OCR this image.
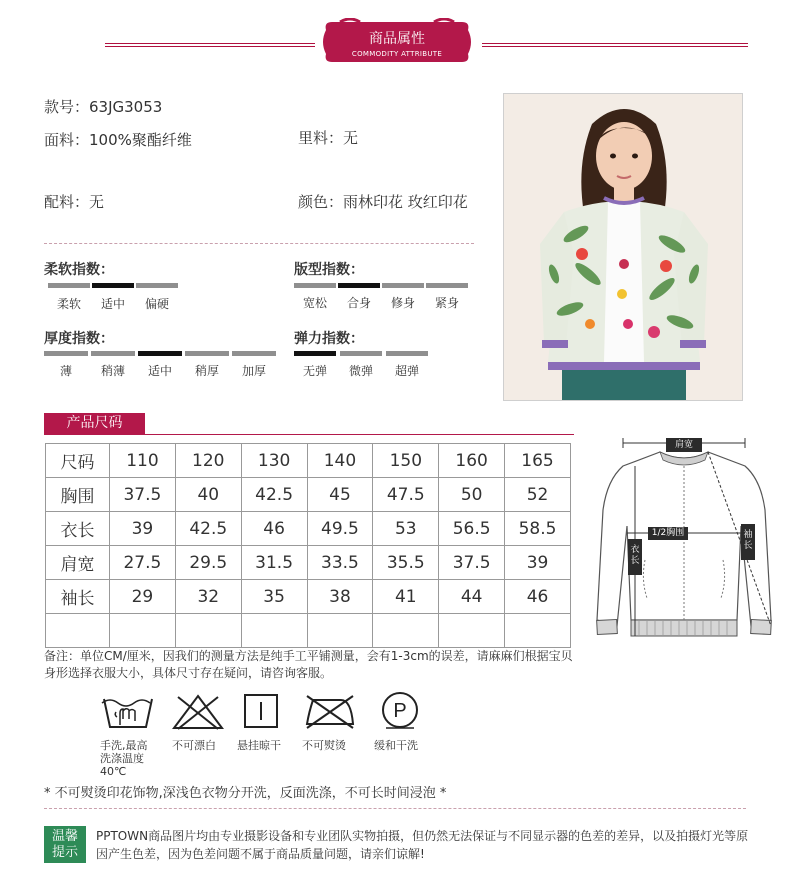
商品属性
COMMODITY ATTRIBUTE
款号：63JG3053
面料：100%聚酯纤维	里料：无
配料：无	颜色：雨林印花 玫红印花
柔软指数：
柔软	适中	偏硬
版型指数：
宽松	合身	修身	紧身
厚度指数：
薄	稍薄	适中	稍厚	加厚
弹力指数：
无弹	微弹	超弹
产品尺码
尺码	110	120	130	140	150	160	165
胸围	37.5	40	42.5	45	47.5	50	52
衣长	39	42.5	46	49.5	53	56.5	58.5
肩宽	27.5	29.5	31.5	33.5	35.5	37.5	39
袖长	29	32	35	38	41	44	46

肩宽
1/2胸围
衣长
袖长
备注：单位CM/厘米，因我们的测量方法是纯手工平铺测量，会有1-3cm的误差，请麻麻们根据宝贝身形选择衣服大小，具体尺寸存在疑问，请咨询客服。
P
手洗,最高
洗涤温度
40℃
不可漂白 悬挂晾干 不可熨烫	缓和干洗
* 不可熨烫印花饰物,深浅色衣物分开洗，反面洗涤，不可长时间浸泡 *
温馨
提示
PPTOWN商品图片均由专业摄影设备和专业团队实物拍摄，但仍然无法保证与不同显示器的色差的差异，以及拍摄灯光等原因产生色差，因为色差问题不属于商品质量问题，请亲们谅解!
